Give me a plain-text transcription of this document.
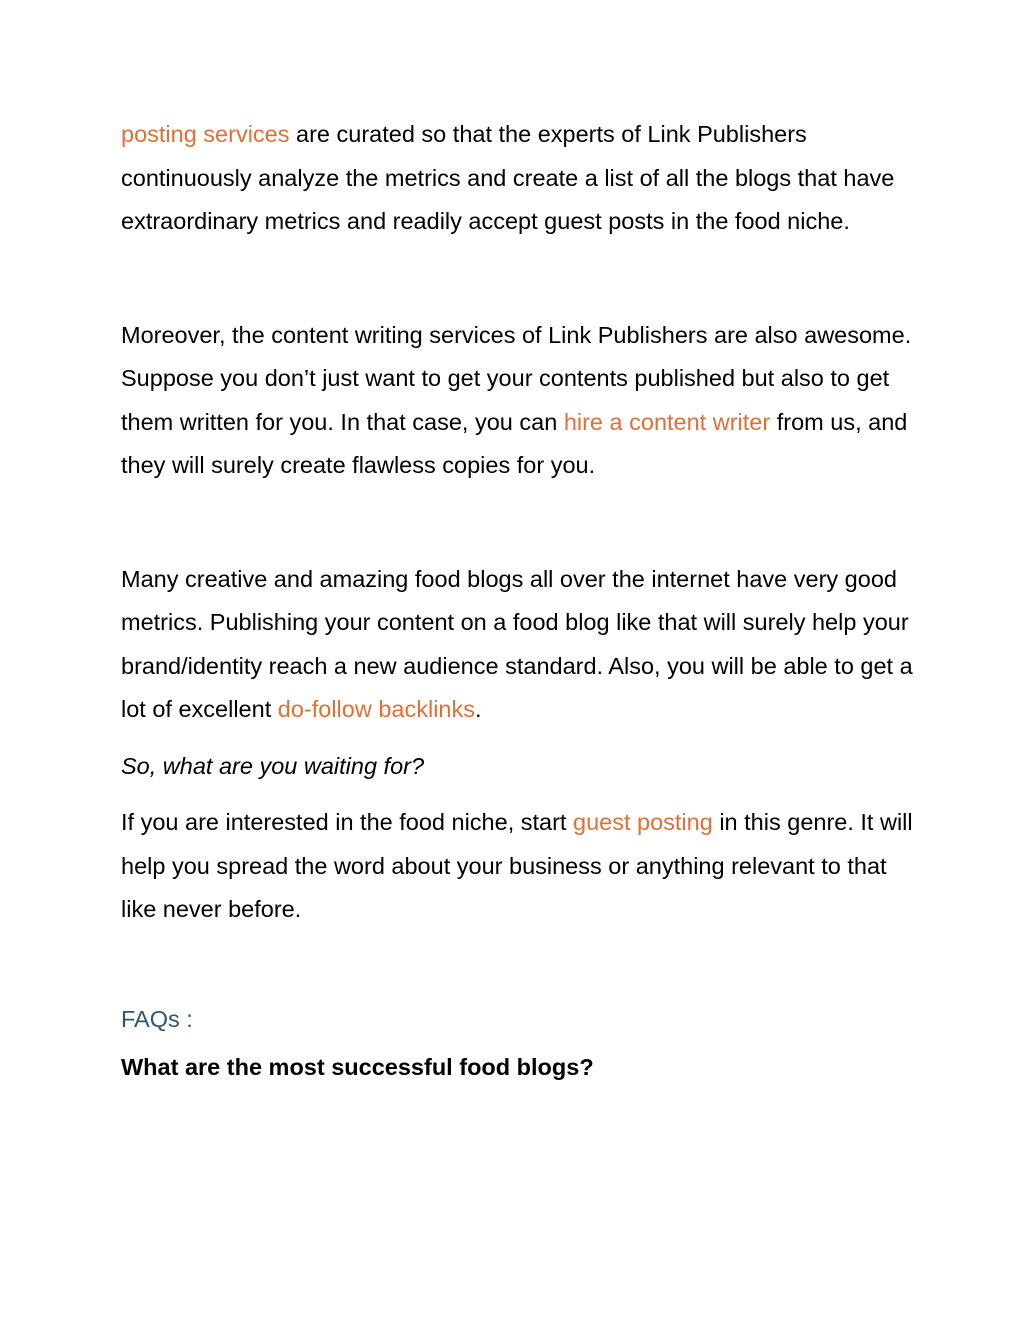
posting services are curated so that the experts of Link Publishers continuously analyze the metrics and create a list of all the blogs that have extraordinary metrics and readily accept guest posts in the food niche.

Moreover, the content writing services of Link Publishers are also awesome. Suppose you don’t just want to get your contents published but also to get them written for you. In that case, you can hire a content writer from us, and they will surely create flawless copies for you.

Many creative and amazing food blogs all over the internet have very good metrics. Publishing your content on a food blog like that will surely help your brand/identity reach a new audience standard. Also, you will be able to get a lot of excellent do-follow backlinks.

So, what are you waiting for?

If you are interested in the food niche, start guest posting in this genre. It will help you spread the word about your business or anything relevant to that like never before.

FAQs :

What are the most successful food blogs?
